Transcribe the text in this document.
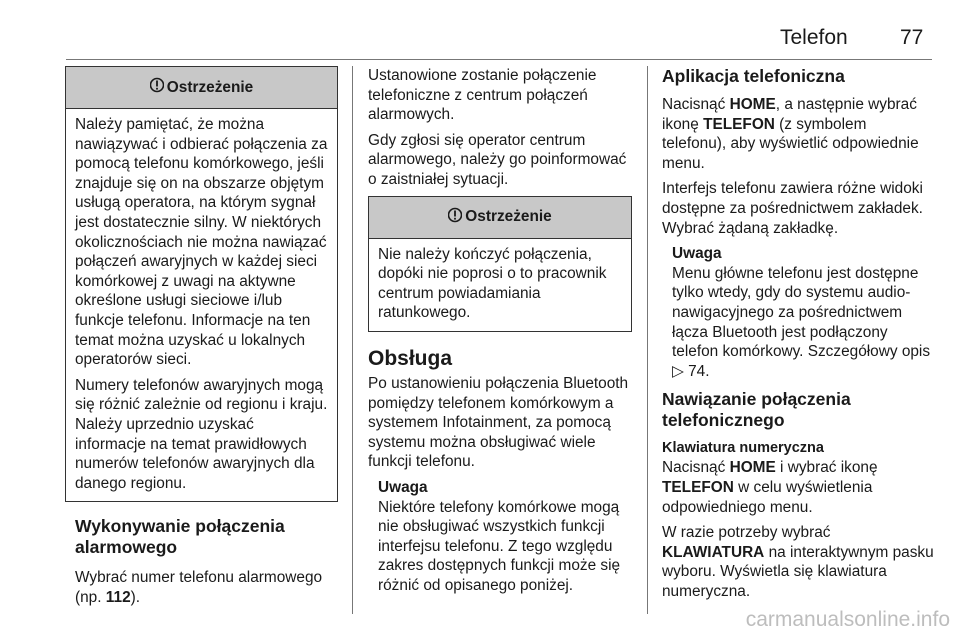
Telefon 77
Ostrzeżenie

Należy pamiętać, że można nawiązywać i odbierać połączenia za pomocą telefonu komórkowego, jeśli znajduje się on na obszarze objętym usługą operatora, na którym sygnał jest dostatecznie silny. W niektórych okolicznościach nie można nawiązać połączeń awaryjnych w każdej sieci komórkowej z uwagi na aktywne określone usługi sieciowe i/lub funkcje telefonu. Informacje na ten temat można uzyskać u lokalnych operatorów sieci.

Numery telefonów awaryjnych mogą się różnić zależnie od regionu i kraju. Należy uprzednio uzyskać informacje na temat prawidłowych numerów telefonów awaryjnych dla danego regionu.

Wykonywanie połączenia alarmowego

Wybrać numer telefonu alarmowego (np. 112).

Ustanowione zostanie połączenie telefoniczne z centrum połączeń alarmowych.

Gdy zgłosi się operator centrum alarmowego, należy go poinformować o zaistniałej sytuacji.

Ostrzeżenie

Nie należy kończyć połączenia, dopóki nie poprosi o to pracownik centrum powiadamiania ratunkowego.

Obsługa

Po ustanowieniu połączenia Bluetooth pomiędzy telefonem komórkowym a systemem Infotainment, za pomocą systemu można obsługiwać wiele funkcji telefonu.

Uwaga

Niektóre telefony komórkowe mogą nie obsługiwać wszystkich funkcji interfejsu telefonu. Z tego względu zakres dostępnych funkcji może się różnić od opisanego poniżej.

Aplikacja telefoniczna

Nacisnąć HOME, a następnie wybrać ikonę TELEFON (z symbolem telefonu), aby wyświetlić odpowiednie menu.

Interfejs telefonu zawiera różne widoki dostępne za pośrednictwem zakładek. Wybrać żądaną zakładkę.

Uwaga

Menu główne telefonu jest dostępne tylko wtedy, gdy do systemu audio-nawigacyjnego za pośrednictwem łącza Bluetooth jest podłączony telefon komórkowy. Szczegółowy opis ▷ 74.

Nawiązanie połączenia telefonicznego
Klawiatura numeryczna

Nacisnąć HOME i wybrać ikonę TELEFON w celu wyświetlenia odpowiedniego menu.

W razie potrzeby wybrać KLAWIATURA na interaktywnym pasku wyboru. Wyświetla się klawiatura numeryczna.

carmanualsonline.info
